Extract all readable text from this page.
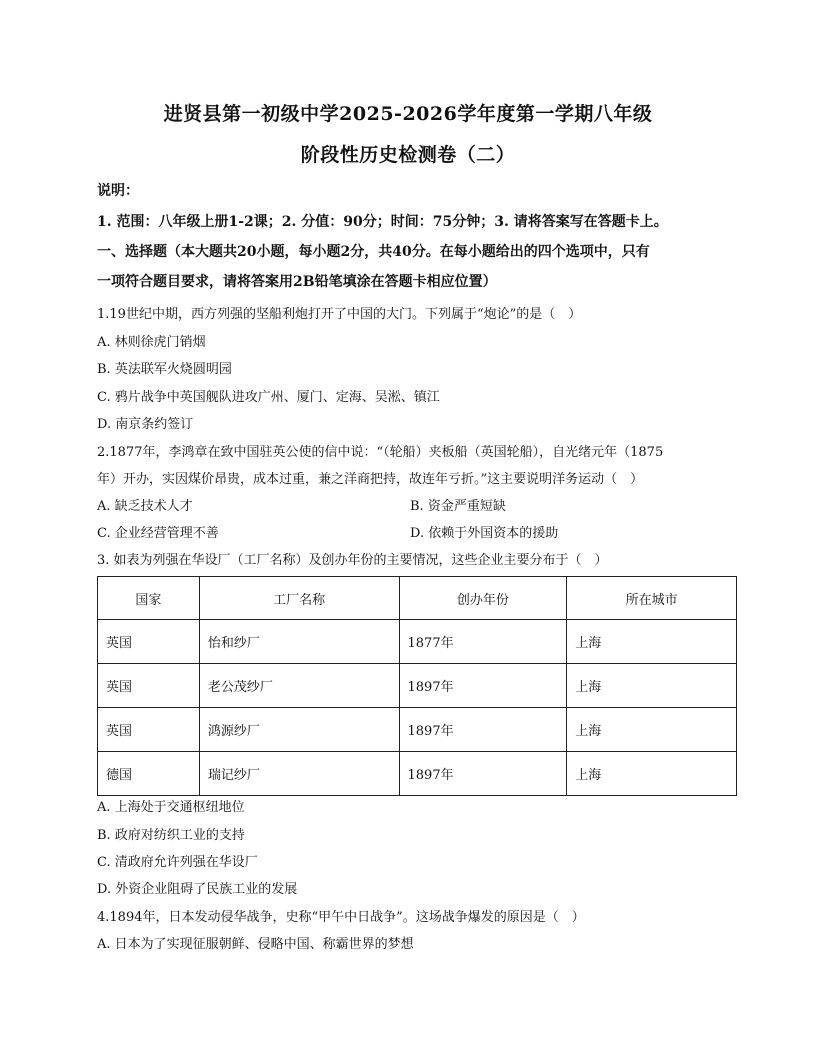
进贤县第一初级中学2025-2026学年度第一学期八年级
阶段性历史检测卷（二）
说明：
1. 范围：八年级上册1-2课；2. 分值：90分；时间：75分钟；3. 请将答案写在答题卡上。
一、选择题（本大题共20小题，每小题2分，共40分。在每小题给出的四个选项中，只有
一项符合题目要求，请将答案用2B铅笔填涂在答题卡相应位置）
1.19世纪中期，西方列强的坚船利炮打开了中国的大门。下列属于“炮论”的是（　）
A. 林则徐虎门销烟
B. 英法联军火烧圆明园
C. 鸦片战争中英国舰队进攻广州、厦门、定海、吴淞、镇江
D. 南京条约签订
2.1877年，李鸿章在致中国驻英公使的信中说：“（轮船）夹板船（英国轮船），自光绪元年（1875
年）开办，实因煤价昂贵，成本过重，兼之洋商把持，故连年亏折。”这主要说明洋务运动（　）
A. 缺乏技术人才	B. 资金严重短缺
C. 企业经营管理不善	D. 依赖于外国资本的援助
3. 如表为列强在华设厂（工厂名称）及创办年份的主要情况，这些企业主要分布于（　）
国家	工厂名称	创办年份	所在城市
英国	怡和纱厂	1877年	上海
英国	老公茂纱厂	1897年	上海
英国	鸿源纱厂	1897年	上海
德国	瑞记纱厂	1897年	上海
A. 上海处于交通枢纽地位
B. 政府对纺织工业的支持
C. 清政府允许列强在华设厂
D. 外资企业阻碍了民族工业的发展
4.1894年，日本发动侵华战争，史称“甲午中日战争”。这场战争爆发的原因是（　）
A. 日本为了实现征服朝鲜、侵略中国、称霸世界的梦想
